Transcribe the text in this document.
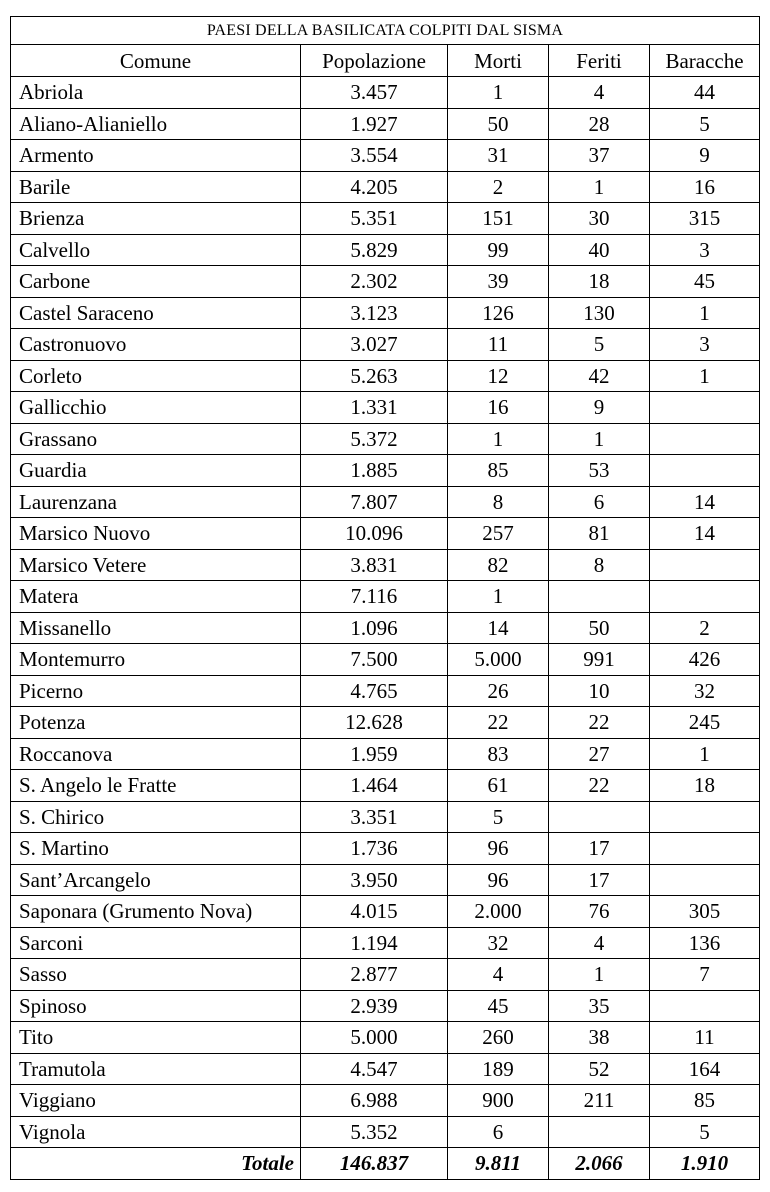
PAESI DELLA BASILICATA COLPITI DAL SISMA				
Comune	Popolazione	Morti	Feriti	Baracche
Abriola	3.457	1	4	44
Aliano-Alianiello	1.927	50	28	5
Armento	3.554	31	37	9
Barile	4.205	2	1	16
Brienza	5.351	151	30	315
Calvello	5.829	99	40	3
Carbone	2.302	39	18	45
Castel Saraceno	3.123	126	130	1
Castronuovo	3.027	11	5	3
Corleto	5.263	12	42	1
Gallicchio	1.331	16	9	
Grassano	5.372	1	1	
Guardia	1.885	85	53	
Laurenzana	7.807	8	6	14
Marsico Nuovo	10.096	257	81	14
Marsico Vetere	3.831	82	8	
Matera	7.116	1		
Missanello	1.096	14	50	2
Montemurro	7.500	5.000	991	426
Picerno	4.765	26	10	32
Potenza	12.628	22	22	245
Roccanova	1.959	83	27	1
S. Angelo le Fratte	1.464	61	22	18
S. Chirico	3.351	5		
S. Martino	1.736	96	17	
Sant’Arcangelo	3.950	96	17	
Saponara (Grumento Nova)	4.015	2.000	76	305
Sarconi	1.194	32	4	136
Sasso	2.877	4	1	7
Spinoso	2.939	45	35	
Tito	5.000	260	38	11
Tramutola	4.547	189	52	164
Viggiano	6.988	900	211	85
Vignola	5.352	6		5
Totale	146.837	9.811	2.066	1.910
